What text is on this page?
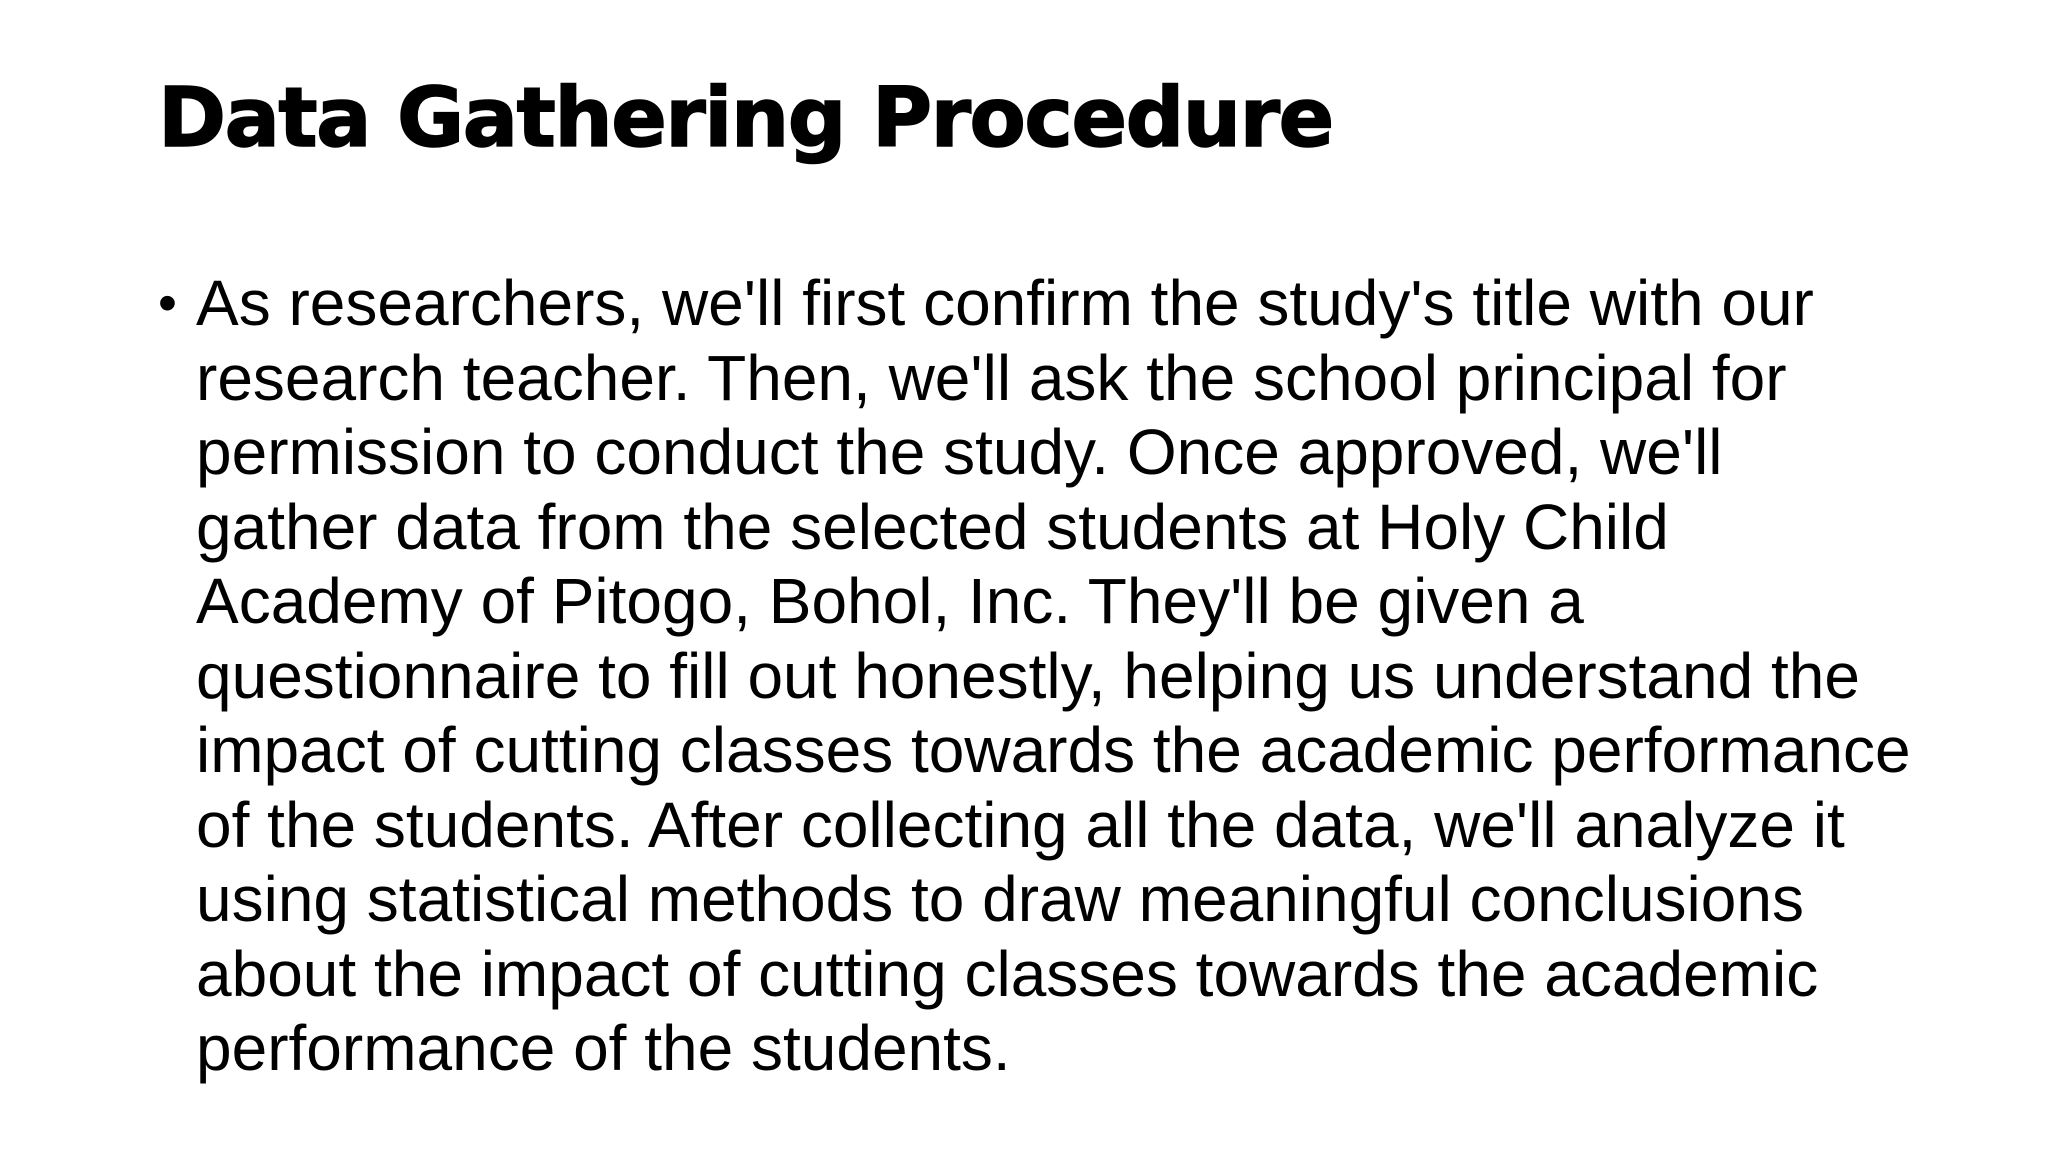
Data Gathering Procedure
• As researchers, we'll first confirm the study's title with our research teacher. Then, we'll ask the school principal for permission to conduct the study. Once approved, we'll gather data from the selected students at Holy Child Academy of Pitogo, Bohol, Inc. They'll be given a questionnaire to fill out honestly, helping us understand the impact of cutting classes towards the academic performance of the students. After collecting all the data, we'll analyze it using statistical methods to draw meaningful conclusions about the impact of cutting classes towards the academic performance of the students.
